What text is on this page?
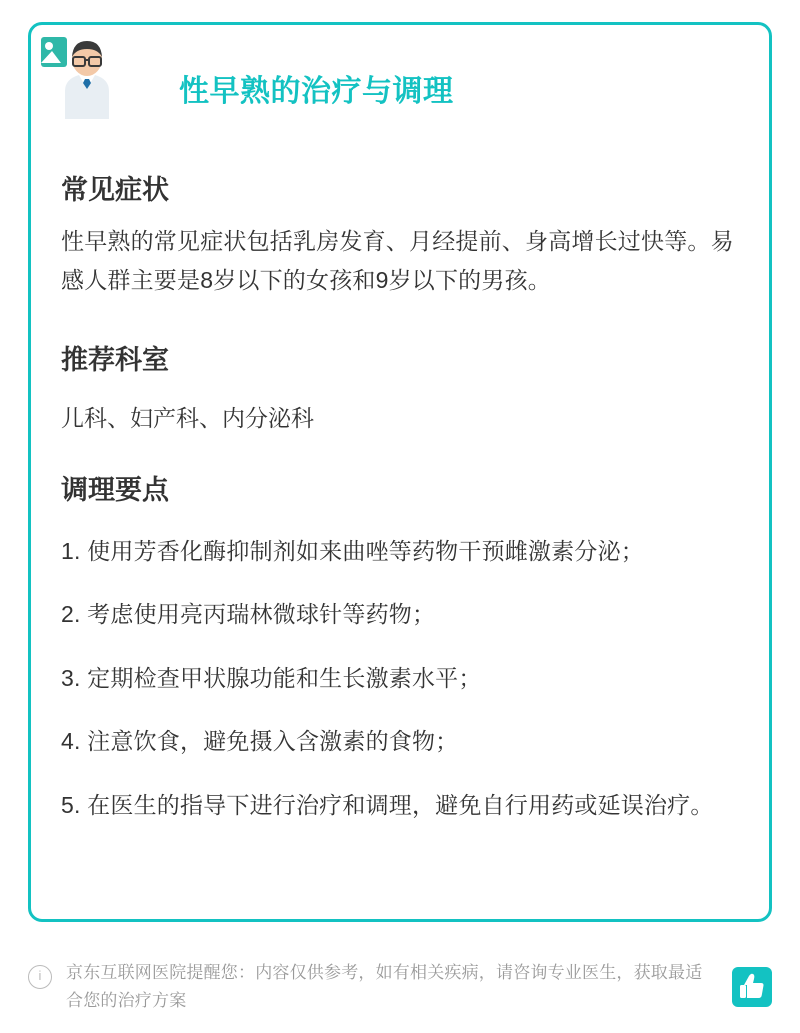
性早熟的治疗与调理
常见症状

性早熟的常见症状包括乳房发育、月经提前、身高增长过快等。易感人群主要是8岁以下的女孩和9岁以下的男孩。

推荐科室

儿科、妇产科、内分泌科

调理要点

1. 使用芳香化酶抑制剂如来曲唑等药物干预雌激素分泌；

2. 考虑使用亮丙瑞林微球针等药物；

3. 定期检查甲状腺功能和生长激素水平；

4. 注意饮食，避免摄入含激素的食物；

5. 在医生的指导下进行治疗和调理，避免自行用药或延误治疗。

i	京东互联网医院提醒您：内容仅供参考，如有相关疾病，请咨询专业医生，获取最适合您的治疗方案
